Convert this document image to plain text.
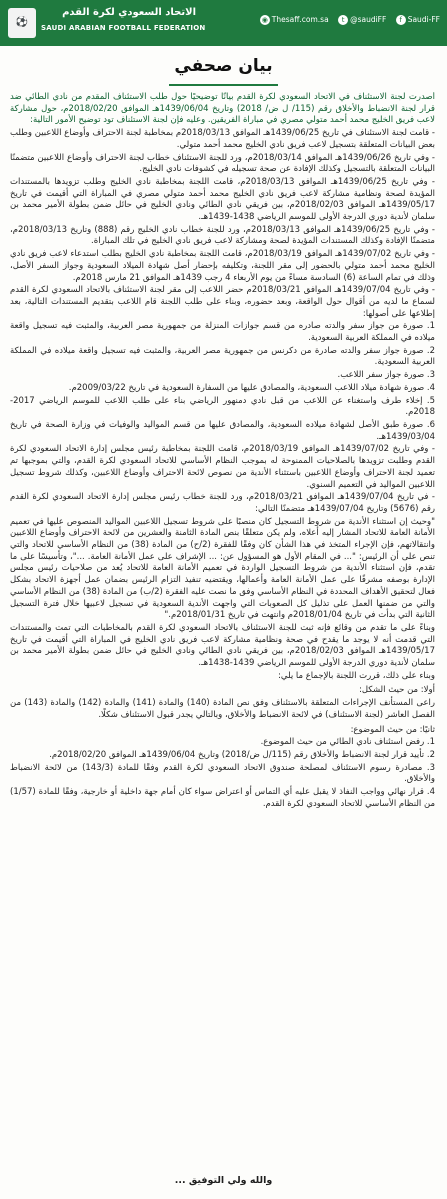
⚽
الاتحاد السعودي لكرة القدم
SAUDI ARABIAN FOOTBALL FEDERATION
◉ Thesaff.com.sa t @saudiFF f Saudi-FF
بيان صحفي

أصدرت لجنة الاستئناف في الاتحاد السعودي لكرة القدم بيانًا توضيحيًا حول طلب الاستئناف المقدم من نادي الطائي ضد قرار لجنة الانضباط والأخلاق رقم (115/ ل ض/ 2018) وتاريخ 1439/06/04هـ الموافق 2018/02/20م، حول مشاركة لاعب فريق الخليج محمد أحمد متولي مصري في مباراة الفريقين. وعليه فإن لجنة الاستئناف تود توضيح الأمور التالية:

- قامت لجنة الاستئناف في تاريخ 1439/06/25هـ الموافق 2018/03/13م بمخاطبة لجنة الاحتراف وأوضاع اللاعبين وطلب بعض البيانات المتعلقة بتسجيل لاعب فريق نادي الخليج محمد أحمد متولي.

- وفي تاريخ 1439/06/26هـ الموافق 2018/03/14م، ورد للجنة الاستئناف خطاب لجنة الاحتراف وأوضاع اللاعبين متضمنًا البيانات المتعلقة بالتسجيل وكذلك الإفادة عن صحة تسجيله في كشوفات نادي الخليج.

- وفي تاريخ 1439/06/25هـ الموافق 2018/03/13م، قامت اللجنة بمخاطبة نادي الخليج وطلب تزويدها بالمستندات المؤيدة لصحة ونظامية مشاركة لاعب فريق نادي الخليج محمد أحمد متولي مصري في المباراة التي أقيمت في تاريخ 1439/05/17هـ الموافق 2018/02/03م، بين فريقي نادي الطائي ونادي الخليج في حائل ضمن بطولة الأمير محمد بن سلمان لأندية دوري الدرجة الأولى للموسم الرياضي 1438-1439هـ.

- وفي تاريخ 1439/06/25هـ الموافق 2018/03/13م، ورد للجنة خطاب نادي الخليج رقم (888) وتاريخ 2018/03/13م، متضمنًا الإفادة وكذلك المستندات المؤيدة لصحة ومشاركة لاعب فريق نادي الخليج في تلك المباراة.

- وفي تاريخ 1439/07/02هـ الموافق 2018/03/19م، قامت اللجنة بمخاطبة نادي الخليج بطلب استدعاء لاعب فريق نادي الخليج محمد أحمد متولي بالحضور إلى مقر اللجنة، وتكليفه بإحضار أصل شهادة الميلاد السعودية وجواز السفر الأصل، وذلك في تمام الساعة (6) السادسة مساءً من يوم الأربعاء 4 رجب 1439هـ الموافق 21 مارس 2018م.

- وفي تاريخ 1439/07/04هـ الموافق 2018/03/21م حضر اللاعب إلى مقر لجنة الاستئناف بالاتحاد السعودي لكرة القدم لسماع ما لديه من أقوال حول الواقعة، وبعد حضوره، وبناء على طلب اللجنة قام اللاعب بتقديم المستندات التالية، بعد إطلاعها على أصولها:

1. صورة من جواز سفر والدته صادره من قسم جوازات المنزلة من جمهورية مصر العربية، والمثبت فيه تسجيل واقعة ميلاده في المملكة العربية السعودية.

2. صورة جواز سفر والدته صادرة من دكرنس من جمهورية مصر العربية، والمثبت فيه تسجيل واقعة ميلاده في المملكة العربية السعودية.

3. صورة جواز سفر اللاعب.

4. صورة شهادة ميلاد اللاعب السعودية، والمصادق عليها من السفارة السعودية في تاريخ 2009/03/22م.

5. إخلاء طرف واستغناء عن اللاعب من قبل نادي دمنهور الرياضي بناء على طلب اللاعب للموسم الرياضي 2017-2018م.

6. صورة طبق الأصل لشهادة ميلاده السعودية، والمصادق عليها من قسم المواليد والوفيات في وزارة الصحة في تاريخ 1439/03/04هـ.

- وفي تاريخ 1439/07/02هـ الموافق 2018/03/19م، قامت اللجنة بمخاطبة رئيس مجلس إدارة الاتحاد السعودي لكرة القدم وطلبت تزويدها بالصلاحيات الممنوحة له بموجب النظام الأساسي للاتحاد السعودي لكرة القدم، والتي بموجبها تم تعميد لجنة الاحتراف وأوضاع اللاعبين باستثناء الأندية من نصوص لائحة الاحتراف وأوضاع اللاعبين، وكذلك شروط تسجيل اللاعبين المواليد في التعميم السنوي.

- في تاريخ 1439/07/04هـ الموافق 2018/03/21م، ورد للجنة خطاب رئيس مجلس إدارة الاتحاد السعودي لكرة القدم رقم (5676) وتاريخ 1439/07/04هـ متضمنًا التالي:

"وحيث إن استثناء الأندية من شروط التسجيل كان منصبًا على شروط تسجيل اللاعبين المواليد المنصوص عليها في تعميم الأمانة العامة للاتحاد المشار إليه أعلاه، ولم يكن متعلقًا بنص المادة الثامنة والعشرين من لائحة الاحتراف وأوضاع اللاعبين وانتقالاتهم، فإن الإجراء المتخذ في هذا الشأن كان وفقًا للفقرة (2/ح) من المادة (38) من النظام الأساسي للاتحاد والتي تنص على أن الرئيس: "... في المقام الأول هو المسؤول عن: ... الإشراف على عمل الأمانة العامة. ..."، وتأسيسًا على ما تقدم، فإن استثناء الأندية من شروط التسجيل الواردة في تعميم الأمانة العامة للاتحاد يُعد من صلاحيات رئيس مجلس الإدارة بوصفه مشرفًا على عمل الأمانة العامة وأعمالها، ويقتضيه تنفيذ التزام الرئيس بضمان عمل أجهزة الاتحاد بشكل فعال لتحقيق الأهداف المحددة في النظام الأساسي وفق ما نصت عليه الفقرة (2/ب) من المادة (38) من النظام الأساسي والتي من ضمنها العمل على تذليل كل الصعوبات التي واجهت الأندية السعودية في تسجيل لاعبيها خلال فترة التسجيل الثانية التي بدأت في تاريخ 2018/01/04م وانتهت في تاريخ 2018/01/31م."

وبناءً على ما تقدم من وقائع فإنه ثبت للجنة الاستئناف بالاتحاد السعودي لكرة القدم بالمخاطبات التي تمت والمستندات التي قدمت أنه لا يوجد ما يقدح في صحة ونظامية مشاركة لاعب فريق نادي الخليج في المباراة التي أقيمت في تاريخ 1439/05/17هـ الموافق 2018/02/03م، بين فريقي نادي الطائي ونادي الخليج في حائل ضمن بطولة الأمير محمد بن سلمان لأندية دوري الدرجة الأولى للموسم الرياضي 1439-1438هـ.

وبناء على ذلك، قررت اللجنة بالإجماع ما يلي:

أولا: من حيث الشكل:

راعى المستأنف الإجراءات المتعلقة بالاستئناف وفق نص المادة (140) والمادة (141) والمادة (142) والمادة (143) من الفصل العاشر (لجنة الاستئناف) في لائحة الانضباط والأخلاق، وبالتالي يجدر قبول الاستئناف شكلًا.

ثانيًا: من حيث الموضوع:

1. رفض استئناف نادي الطائي من حيث الموضوع.

2. تأييد قرار لجنة الانضباط والأخلاق رقم (115/ل ض/2018) وتاريخ 1439/06/04هـ الموافق 2018/02/20م.

3. مصادرة رسوم الاستئناف لمصلحة صندوق الاتحاد السعودي لكرة القدم وفقًا للمادة (143/3) من لائحة الانضباط والأخلاق.

4. قرار نهائي وواجب النفاذ لا يقبل عليه أي التماس أو اعتراض سواء كان أمام جهة داخلية أو خارجية، وفقًا للمادة (1/57) من النظام الأساسي للاتحاد السعودي لكرة القدم.

والله ولي التوفيق ...
